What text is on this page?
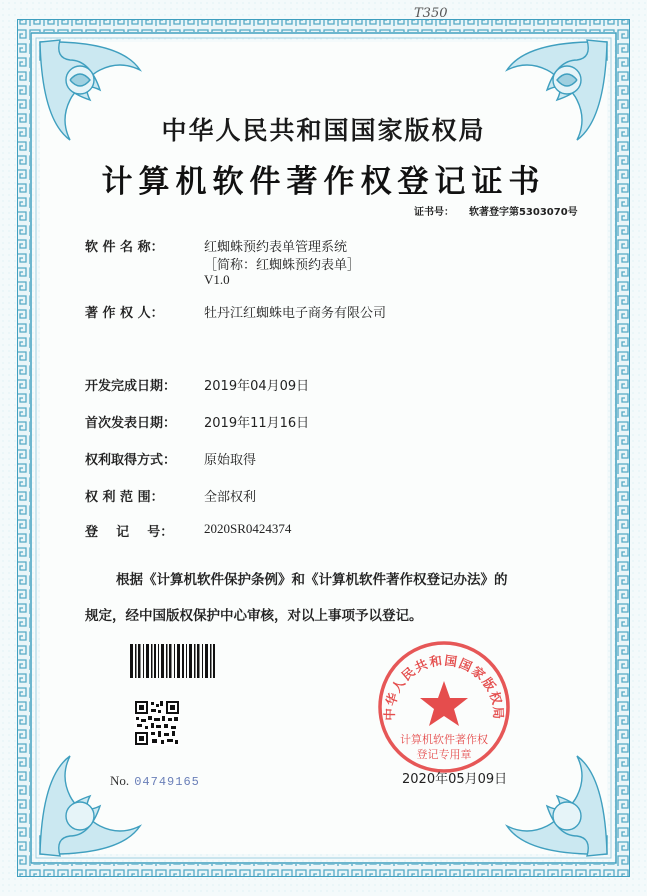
T350
中华人民共和国国家版权局
计算机软件著作权登记证书
证书号： 软著登字第5303070号
软 件 名 称：	红蜘蛛预约表单管理系统
［简称：红蜘蛛预约表单］
V1.0
著 作 权 人：	牡丹江红蜘蛛电子商务有限公司
开发完成日期： 2019年04月09日
首次发表日期： 2019年11月16日
权利取得方式： 原始取得
权 利 范 围：	全部权利
登    记    号： 2020SR0424374
根据《计算机软件保护条例》和《计算机软件著作权登记办法》的
规定，经中国版权保护中心审核，对以上事项予以登记。
No. 04749165
中华人民共和国国家版权局
计算机软件著作权
登记专用章
2020年05月09日
